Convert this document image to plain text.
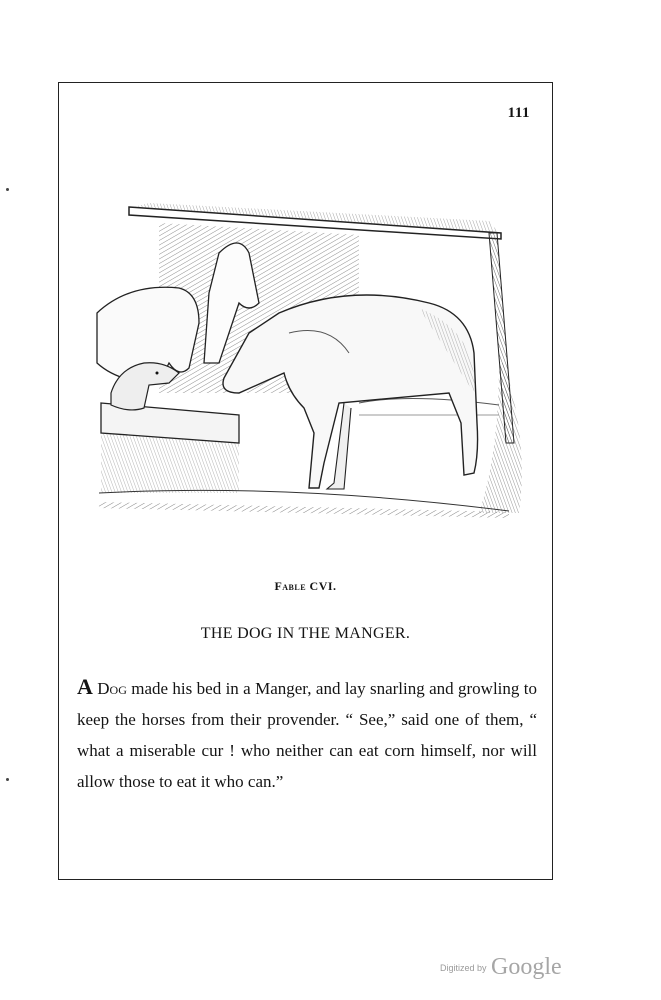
111
Fable CVI.
THE DOG IN THE MANGER.
A Dog made his bed in a Manger, and lay snarling and growling to keep the horses from their provender. “ See,” said one of them, “ what a miserable cur ! who neither can eat corn himself, nor will allow those to eat it who can.”
Digitized by Google
